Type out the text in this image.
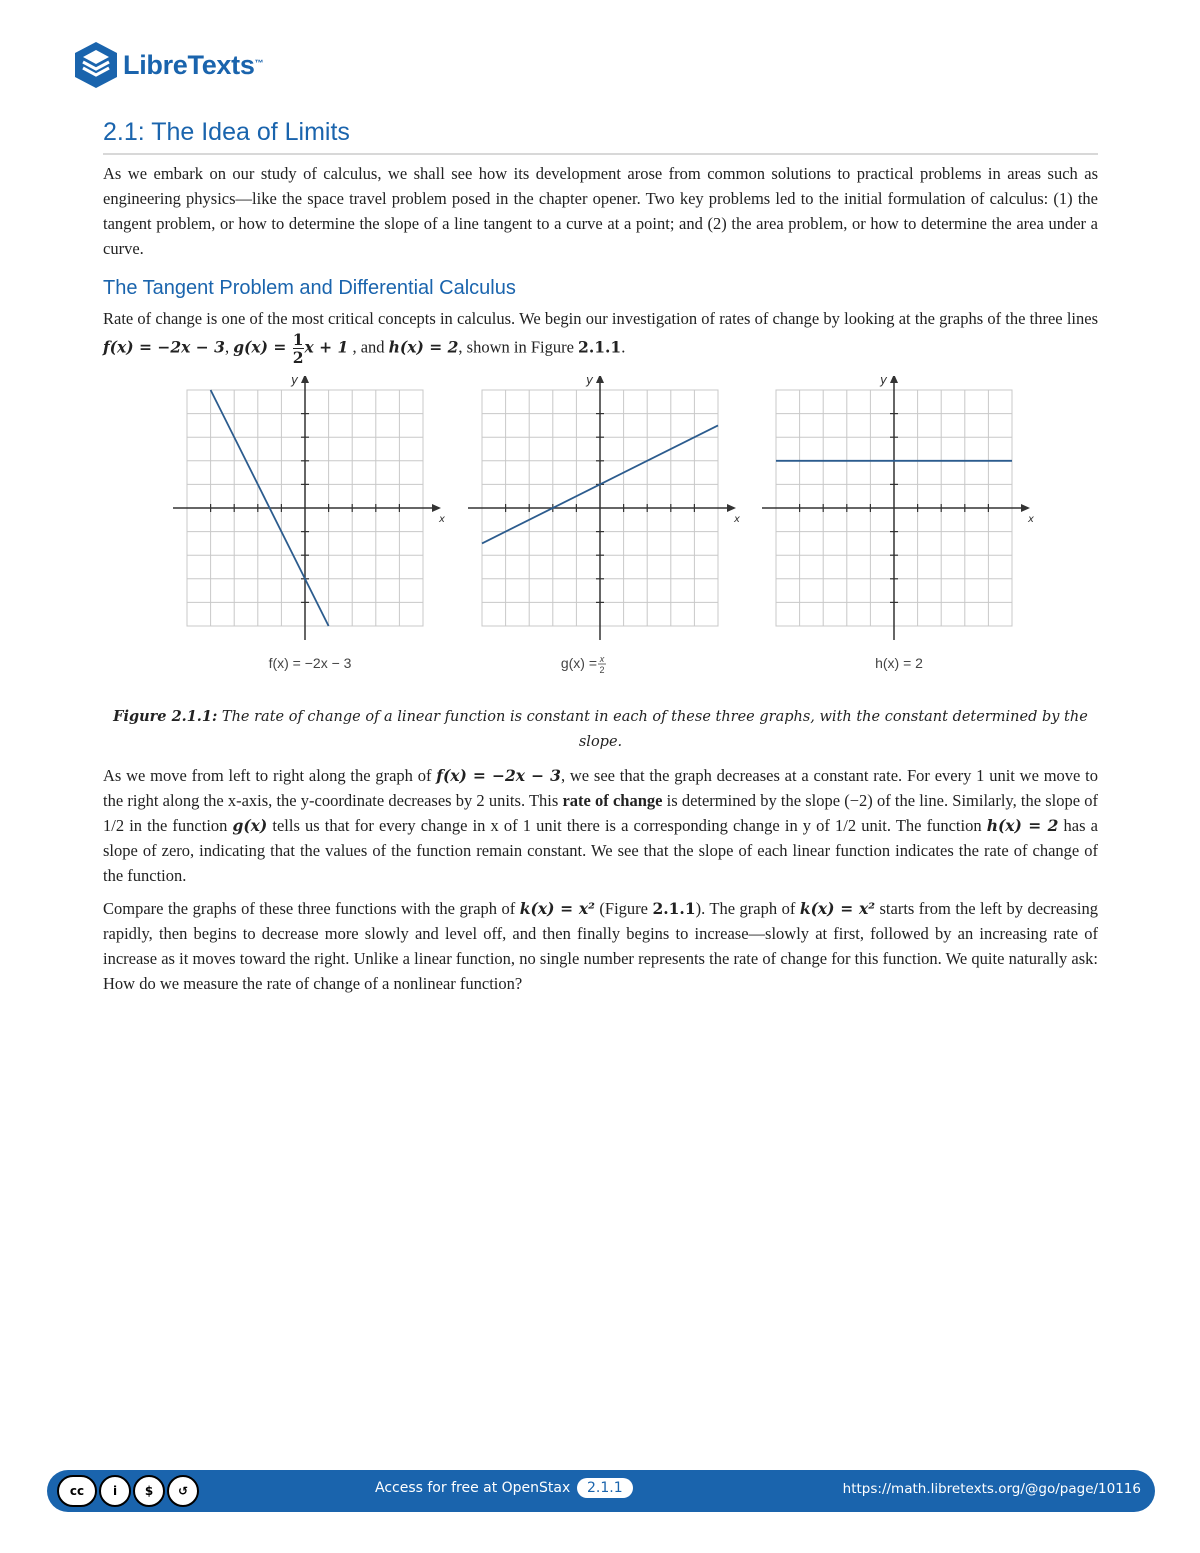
LibreTexts™
2.1: The Idea of Limits

As we embark on our study of calculus, we shall see how its development arose from common solutions to practical problems in areas such as engineering physics—like the space travel problem posed in the chapter opener. Two key problems led to the initial formulation of calculus: (1) the tangent problem, or how to determine the slope of a line tangent to a curve at a point; and (2) the area problem, or how to determine the area under a curve.

The Tangent Problem and Differential Calculus

Rate of change is one of the most critical concepts in calculus. We begin our investigation of rates of change by looking at the graphs of the three lines f(x) = −2x − 3, $g(x) = \frac{1}{2}$ x + 1 , and h(x) = 2, shown in Figure 2.1.1.

x
y
f(x) = −2x − 3
x
y
g(x) = x
2
x
y
h(x) = 2
Figure 2.1.1: The rate of change of a linear function is constant in each of these three graphs, with the constant determined by the slope.

As we move from left to right along the graph of f(x) = −2x − 3, we see that the graph decreases at a constant rate. For every 1 unit we move to the right along the x-axis, the y-coordinate decreases by 2 units. This rate of change is determined by the slope (−2) of the line. Similarly, the slope of 1/2 in the function g(x) tells us that for every change in x of 1 unit there is a corresponding change in y of 1/2 unit. The function h(x) = 2 has a slope of zero, indicating that the values of the function remain constant. We see that the slope of each linear function indicates the rate of change of the function.

Compare the graphs of these three functions with the graph of k(x) = x² (Figure 2.1.1). The graph of k(x) = x² starts from the left by decreasing rapidly, then begins to decrease more slowly and level off, and then finally begins to increase—slowly at first, followed by an increasing rate of increase as it moves toward the right. Unlike a linear function, no single number represents the rate of change for this function. We quite naturally ask: How do we measure the rate of change of a nonlinear function?

cc	i	$	↺	Access for free at OpenStax	2.1.1	https://math.libretexts.org/@go/page/10116
